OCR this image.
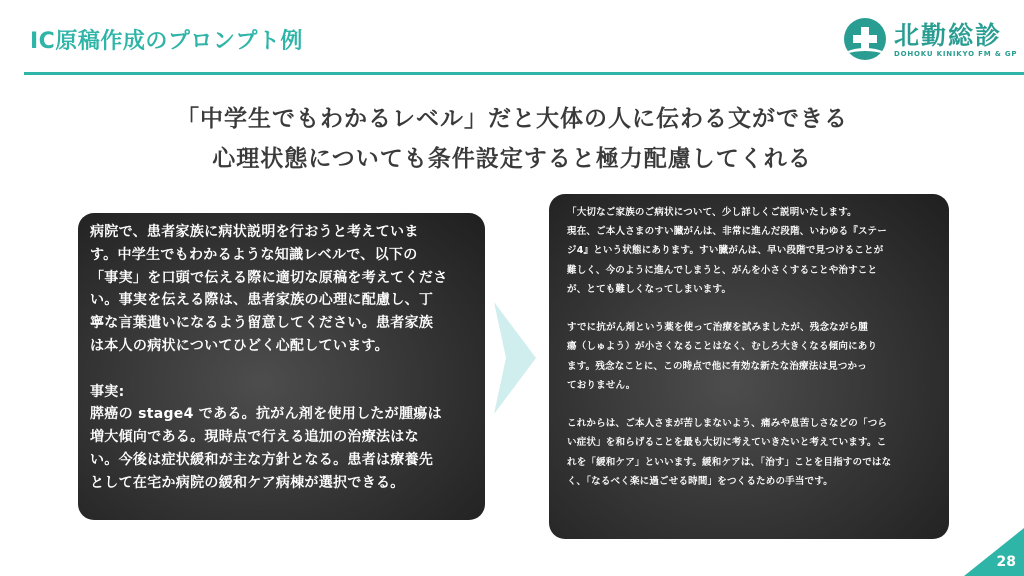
IC原稿作成のプロンプト例	北勤総診
DOHOKU KINIKYO FM & GP
「中学生でもわかるレベル」だと大体の人に伝わる文ができる
心理状態についても条件設定すると極力配慮してくれる

病院で、患者家族に病状説明を行おうと考えていま

す。中学生でもわかるような知識レベルで、以下の

「事実」を口頭で伝える際に適切な原稿を考えてくださ

い。事実を伝える際は、患者家族の心理に配慮し、丁

寧な言葉遣いになるよう留意してください。患者家族

は本人の病状についてひどく心配しています。

事実:

膵癌の stage4 である。抗がん剤を使用したが腫瘍は

増大傾向である。現時点で行える追加の治療法はな

い。今後は症状緩和が主な方針となる。患者は療養先

として在宅か病院の緩和ケア病棟が選択できる。

「大切なご家族のご病状について、少し詳しくご説明いたします。

現在、ご本人さまのすい臓がんは、非常に進んだ段階、いわゆる『ステー

ジ4』という状態にあります。すい臓がんは、早い段階で見つけることが

難しく、今のように進んでしまうと、がんを小さくすることや治すこと

が、とても難しくなってしまいます。

すでに抗がん剤という薬を使って治療を試みましたが、残念ながら腫

瘍（しゅよう）が小さくなることはなく、むしろ大きくなる傾向にあり

ます。残念なことに、この時点で他に有効な新たな治療法は見つかっ

ておりません。

これからは、ご本人さまが苦しまないよう、痛みや息苦しさなどの「つら

い症状」を和らげることを最も大切に考えていきたいと考えています。こ

れを「緩和ケア」といいます。緩和ケアは、「治す」ことを目指すのではな

く、「なるべく楽に過ごせる時間」をつくるための手当です。

28
